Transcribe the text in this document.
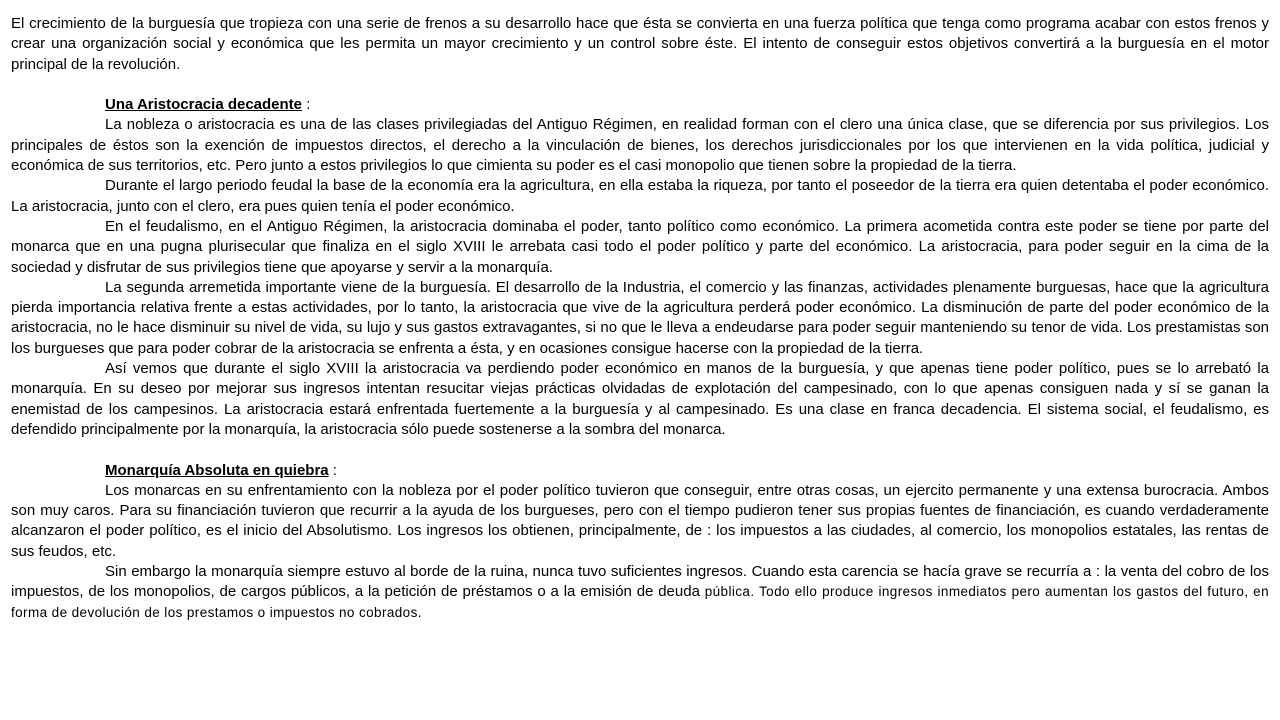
El crecimiento de la burguesía que tropieza con una serie de frenos a su desarrollo hace que ésta se convierta en una fuerza política que tenga como programa acabar con estos frenos y crear una organización social y económica que les permita un mayor crecimiento y un control sobre éste. El intento de conseguir estos objetivos convertirá a la burguesía en el motor principal de la revolución.

Una Aristocracia decadente :

La nobleza o aristocracia es una de las clases privilegiadas del Antiguo Régimen, en realidad forman con el clero una única clase, que se diferencia por sus privilegios. Los principales de éstos son la exención de impuestos directos, el derecho a la vinculación de bienes, los derechos jurisdiccionales por los que intervienen en la vida política, judicial y económica de sus territorios, etc. Pero junto a estos privilegios lo que cimienta su poder es el casi monopolio que tienen sobre la propiedad de la tierra.

Durante el largo periodo feudal la base de la economía era la agricultura, en ella estaba la riqueza, por tanto el poseedor de la tierra era quien detentaba el poder económico. La aristocracia, junto con el clero, era pues quien tenía el poder económico.

En el feudalismo, en el Antiguo Régimen, la aristocracia dominaba el poder, tanto político como económico. La primera acometida contra este poder se tiene por parte del monarca que en una pugna plurisecular que finaliza en el siglo XVIII le arrebata casi todo el poder político y parte del económico. La aristocracia, para poder seguir en la cima de la sociedad y disfrutar de sus privilegios tiene que apoyarse y servir a la monarquía.

La segunda arremetida importante viene de la burguesía. El desarrollo de la Industria, el comercio y las finanzas, actividades plenamente burguesas, hace que la agricultura pierda importancia relativa frente a estas actividades, por lo tanto, la aristocracia que vive de la agricultura perderá poder económico. La disminución de parte del poder económico de la aristocracia, no le hace disminuir su nivel de vida, su lujo y sus gastos extravagantes, si no que le lleva a endeudarse para poder seguir manteniendo su tenor de vida. Los prestamistas son los burgueses que para poder cobrar de la aristocracia se enfrenta a ésta, y en ocasiones consigue hacerse con la propiedad de la tierra.

Así vemos que durante el siglo XVIII la aristocracia va perdiendo poder económico en manos de la burguesía, y que apenas tiene poder político, pues se lo arrebató la monarquía. En su deseo por mejorar sus ingresos intentan resucitar viejas prácticas olvidadas de explotación del campesinado, con lo que apenas consiguen nada y sí se ganan la enemistad de los campesinos. La aristocracia estará enfrentada fuertemente a la burguesía y al campesinado. Es una clase en franca decadencia. El sistema social, el feudalismo, es defendido principalmente por la monarquía, la aristocracia sólo puede sostenerse a la sombra del monarca.

Monarquía Absoluta en quiebra :

Los monarcas en su enfrentamiento con la nobleza por el poder político tuvieron que conseguir, entre otras cosas, un ejercito permanente y una extensa burocracia. Ambos son muy caros. Para su financiación tuvieron que recurrir a la ayuda de los burgueses, pero con el tiempo pudieron tener sus propias fuentes de financiación, es cuando verdaderamente alcanzaron el poder político, es el inicio del Absolutismo. Los ingresos los obtienen, principalmente, de : los impuestos a las ciudades, al comercio, los monopolios estatales, las rentas de sus feudos, etc.

Sin embargo la monarquía siempre estuvo al borde de la ruina, nunca tuvo suficientes ingresos. Cuando esta carencia se hacía grave se recurría a : la venta del cobro de los impuestos, de los monopolios, de cargos públicos, a la petición de préstamos o a la emisión de deuda pública. Todo ello produce ingresos inmediatos pero aumentan los gastos del futuro, en forma de devolución de los prestamos o impuestos no cobrados.
